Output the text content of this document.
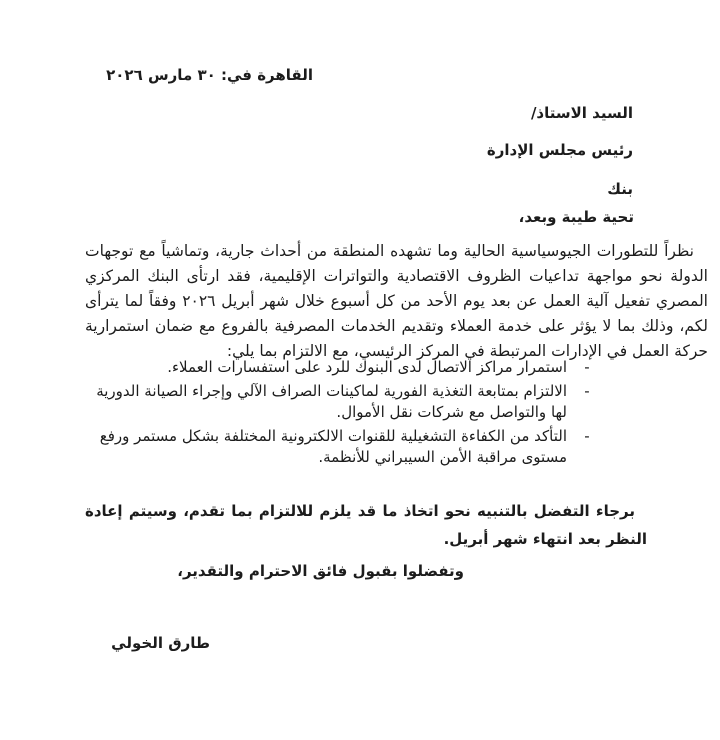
القاهرة في: ٣٠ مارس ٢٠٢٦
السيد الاستاذ/
رئيس مجلس الإدارة
بنك
تحية طيبة وبعد،
نظراً للتطورات الجيوسياسية الحالية وما تشهده المنطقة من أحداث جارية، وتماشياً مع توجهات الدولة نحو مواجهة تداعيات الظروف الاقتصادية والتواترات الإقليمية، فقد ارتأى البنك المركزي المصري تفعيل آلية العمل عن بعد يوم الأحد من كل أسبوع خلال شهر أبريل ٢٠٢٦ وفقاً لما يترأى لكم، وذلك بما لا يؤثر على خدمة العملاء وتقديم الخدمات المصرفية بالفروع مع ضمان استمرارية حركة العمل في الإدارات المرتبطة في المركز الرئيسي، مع الالتزام بما يلي:
-
استمرار مراكز الاتصال لدى البنوك للرد على استفسارات العملاء.
-
الالتزام بمتابعة التغذية الفورية لماكينات الصراف الآلي وإجراء الصيانة الدورية لها والتواصل مع شركات نقل الأموال.
-
التأكد من الكفاءة التشغيلية للقنوات الالكترونية المختلفة بشكل مستمر ورفع مستوى مراقبة الأمن السيبراني للأنظمة.
برجاء التفضل بالتنبيه نحو اتخاذ ما قد يلزم للالتزام بما تقدم، وسيتم إعادة النظر بعد انتهاء شهر أبريل.
وتفضلوا بقبول فائق الاحترام والتقدير،
طارق الخولي
